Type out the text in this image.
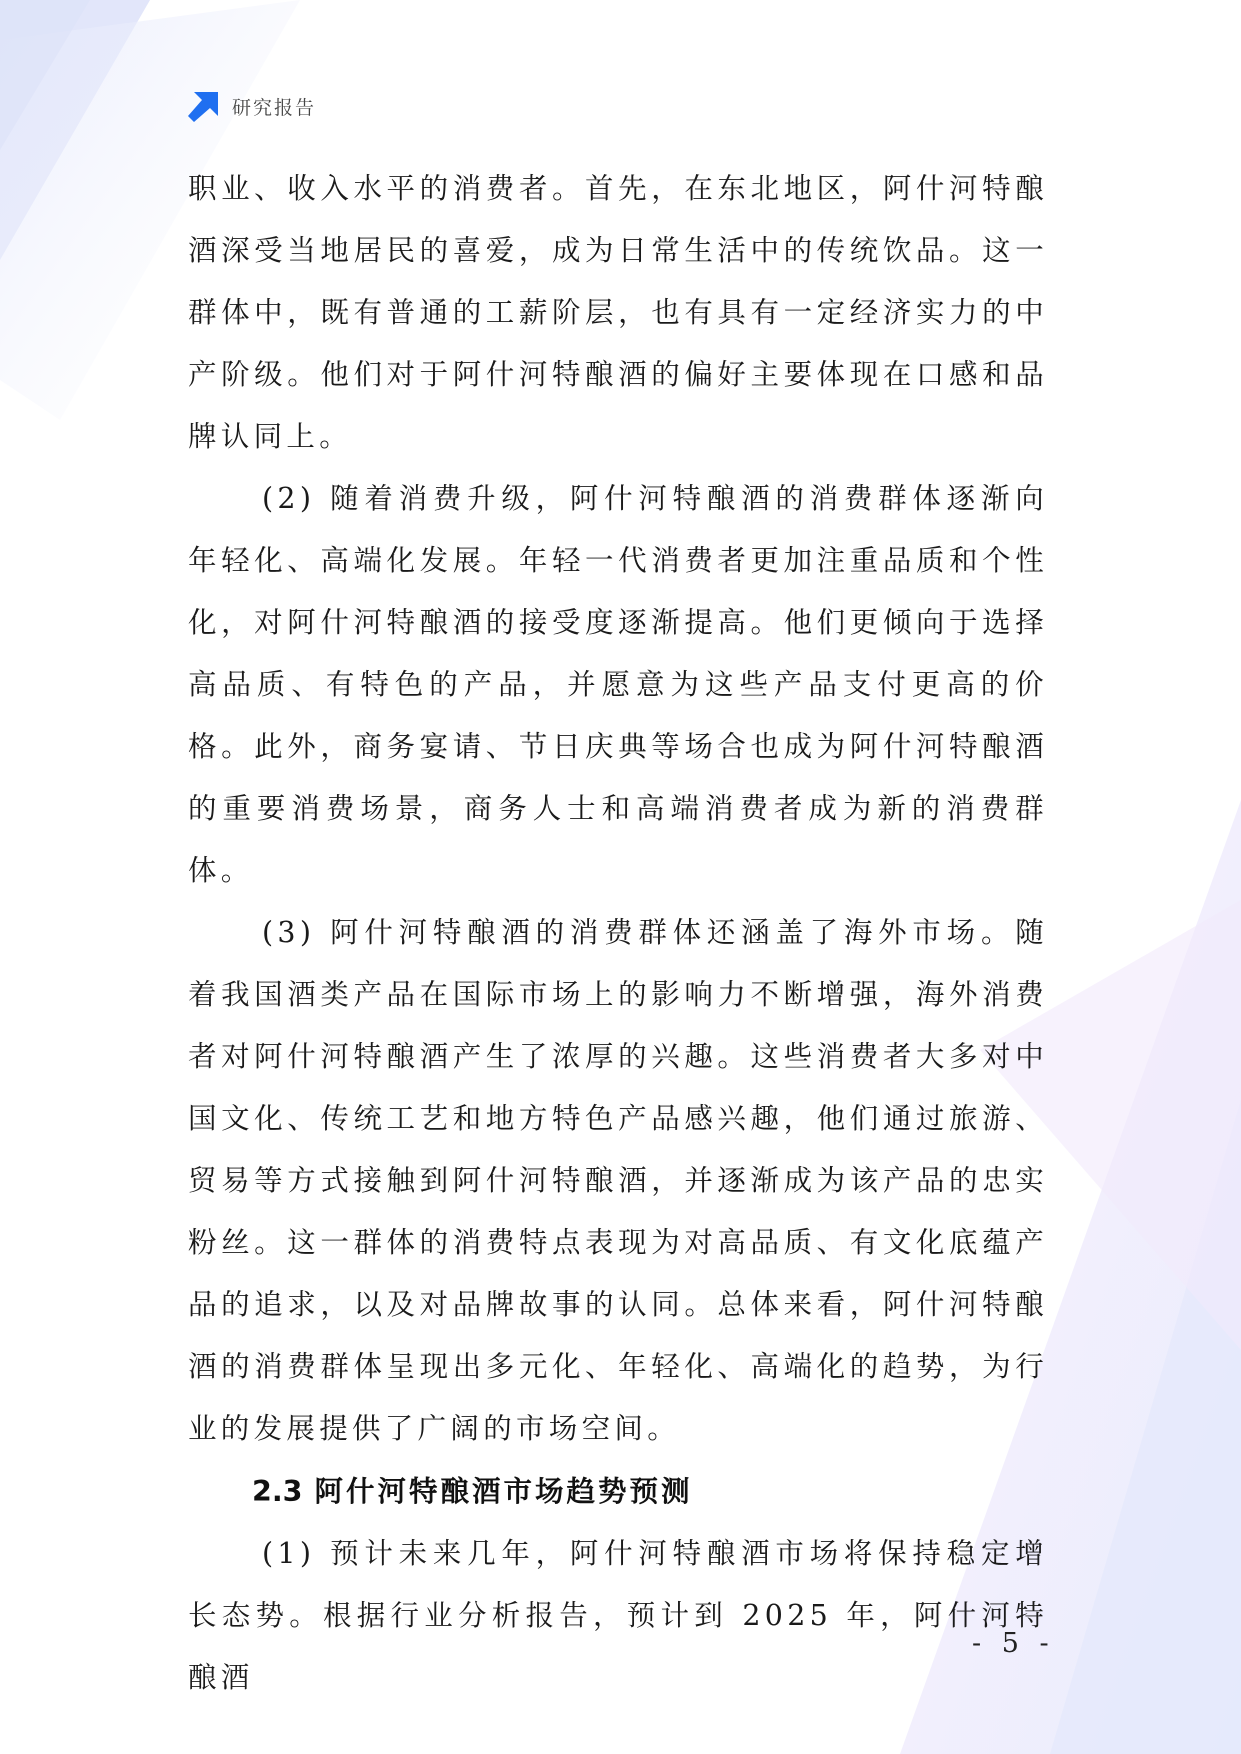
研究报告

职业、收入水平的消费者。首先，在东北地区，阿什河特酿酒深受当地居民的喜爱，成为日常生活中的传统饮品。这一群体中，既有普通的工薪阶层，也有具有一定经济实力的中产阶级。他们对于阿什河特酿酒的偏好主要体现在口感和品牌认同上。

(2) 随着消费升级，阿什河特酿酒的消费群体逐渐向年轻化、高端化发展。年轻一代消费者更加注重品质和个性化，对阿什河特酿酒的接受度逐渐提高。他们更倾向于选择高品质、有特色的产品，并愿意为这些产品支付更高的价格。此外，商务宴请、节日庆典等场合也成为阿什河特酿酒的重要消费场景，商务人士和高端消费者成为新的消费群体。

(3) 阿什河特酿酒的消费群体还涵盖了海外市场。随着我国酒类产品在国际市场上的影响力不断增强，海外消费者对阿什河特酿酒产生了浓厚的兴趣。这些消费者大多对中国文化、传统工艺和地方特色产品感兴趣，他们通过旅游、贸易等方式接触到阿什河特酿酒，并逐渐成为该产品的忠实粉丝。这一群体的消费特点表现为对高品质、有文化底蕴产品的追求，以及对品牌故事的认同。总体来看，阿什河特酿酒的消费群体呈现出多元化、年轻化、高端化的趋势，为行业的发展提供了广阔的市场空间。

2.3 阿什河特酿酒市场趋势预测

(1) 预计未来几年，阿什河特酿酒市场将保持稳定增长态势。根据行业分析报告，预计到 2025 年，阿什河特酿酒

- 5 -
